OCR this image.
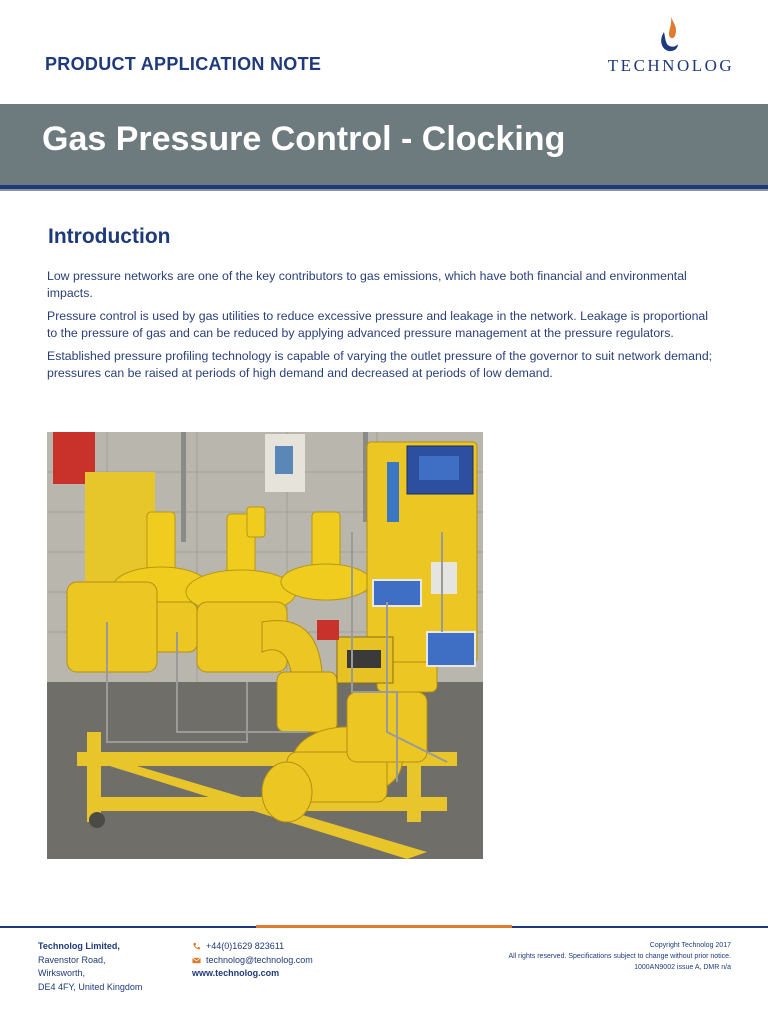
PRODUCT APPLICATION NOTE	TECHNOLOG
Gas Pressure Control - Clocking
Introduction

Low pressure networks are one of the key contributors to gas emissions, which have both financial and environmental impacts.

Pressure control is used by gas utilities to reduce excessive pressure and leakage in the network. Leakage is proportional to the pressure of gas and can be reduced by applying advanced pressure management at the pressure regulators.

Established pressure profiling technology is capable of varying the outlet pressure of the governor to suit network demand; pressures can be raised at periods of high demand and decreased at periods of low demand.

Technolog Limited,
Ravenstor Road,
Wirksworth,
DE4 4FY, United Kingdom
+44(0)1629 823611
technolog@technolog.com
www.technolog.com
Copyright Technolog 2017
All rights reserved. Specifications subject to change without prior notice.
1000AN9002 issue A, DMR n/a
